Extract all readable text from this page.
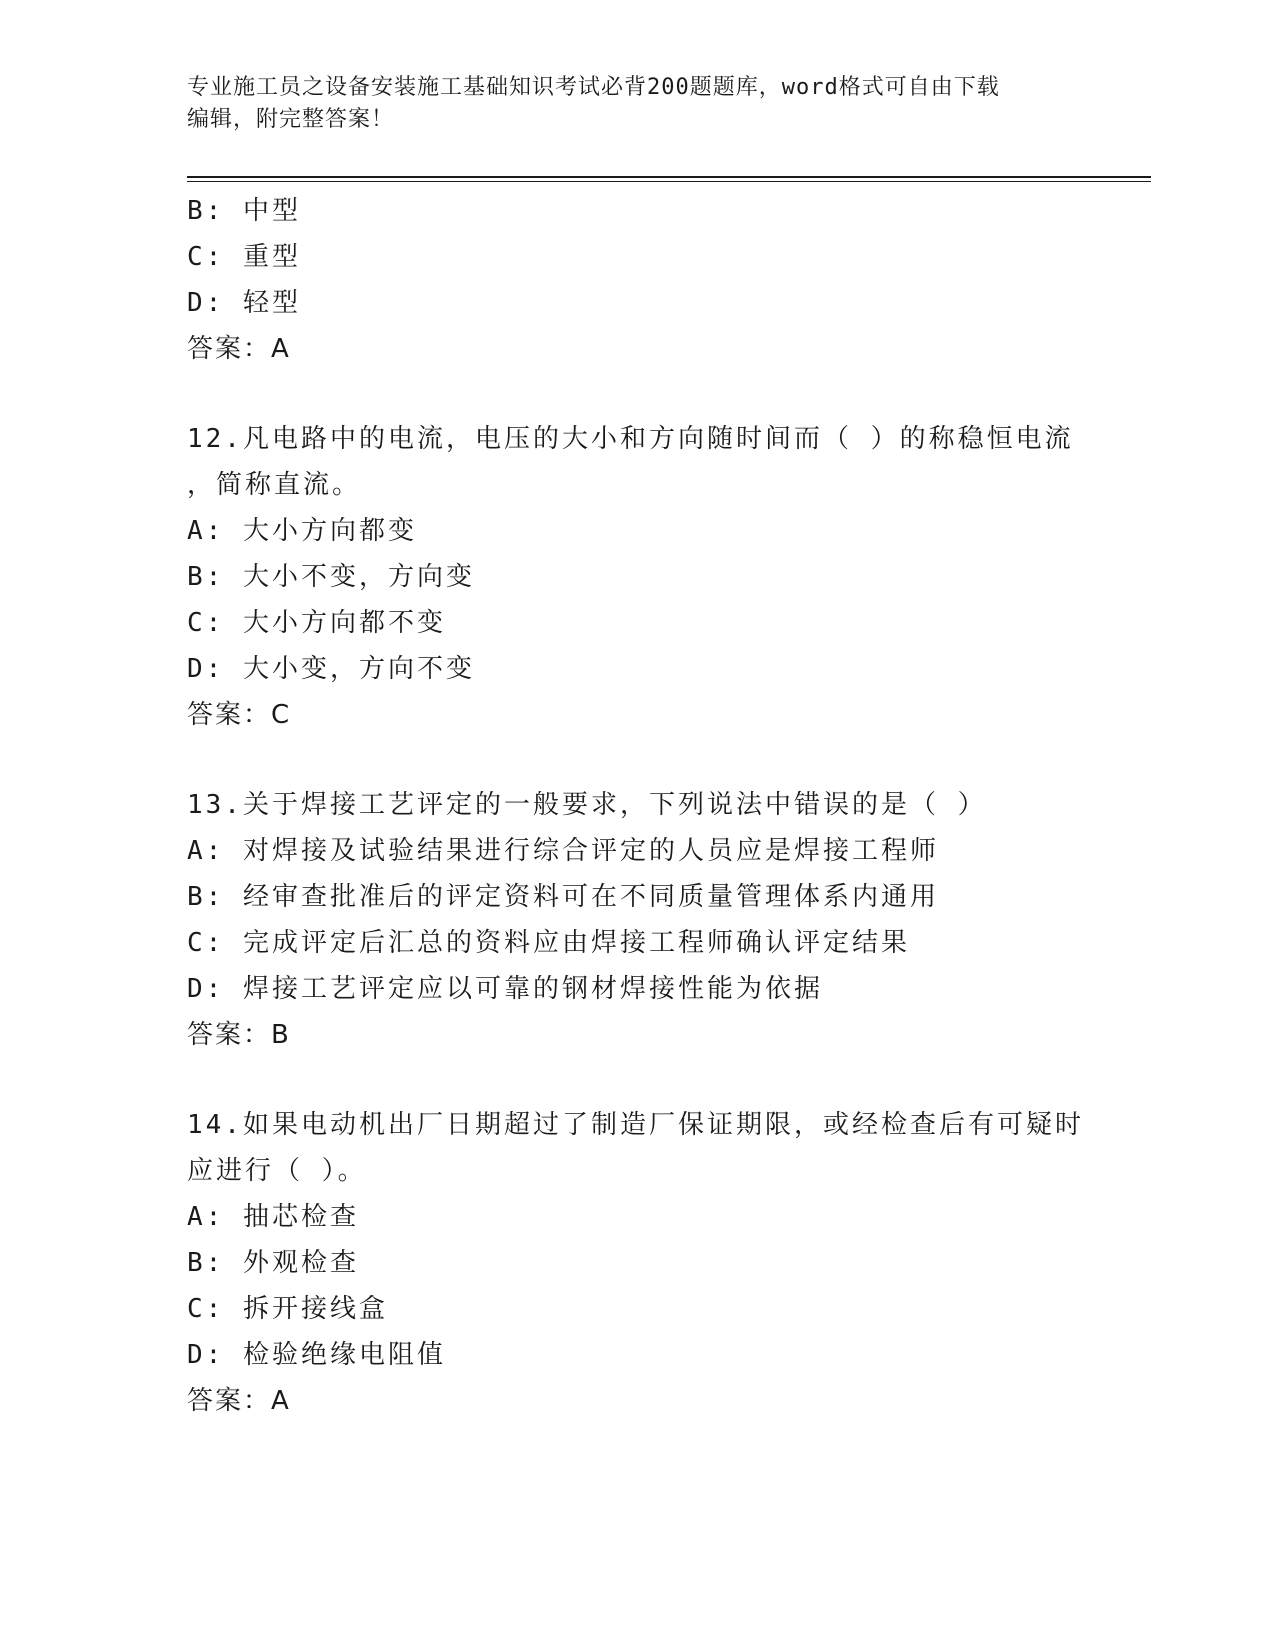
专业施工员之设备安装施工基础知识考试必背200题题库，word格式可自由下载
编辑，附完整答案！
B: 中型
C: 重型
D: 轻型
答案：A
12.凡电路中的电流，电压的大小和方向随时间而（ ）的称稳恒电流
，简称直流。
A: 大小方向都变
B: 大小不变，方向变
C: 大小方向都不变
D: 大小变，方向不变
答案：C
13.关于焊接工艺评定的一般要求，下列说法中错误的是（ ）
A: 对焊接及试验结果进行综合评定的人员应是焊接工程师
B: 经审查批准后的评定资料可在不同质量管理体系内通用
C: 完成评定后汇总的资料应由焊接工程师确认评定结果
D: 焊接工艺评定应以可靠的钢材焊接性能为依据
答案：B
14.如果电动机出厂日期超过了制造厂保证期限，或经检查后有可疑时
应进行（ ）。
A: 抽芯检查
B: 外观检查
C: 拆开接线盒
D: 检验绝缘电阻值
答案：A
